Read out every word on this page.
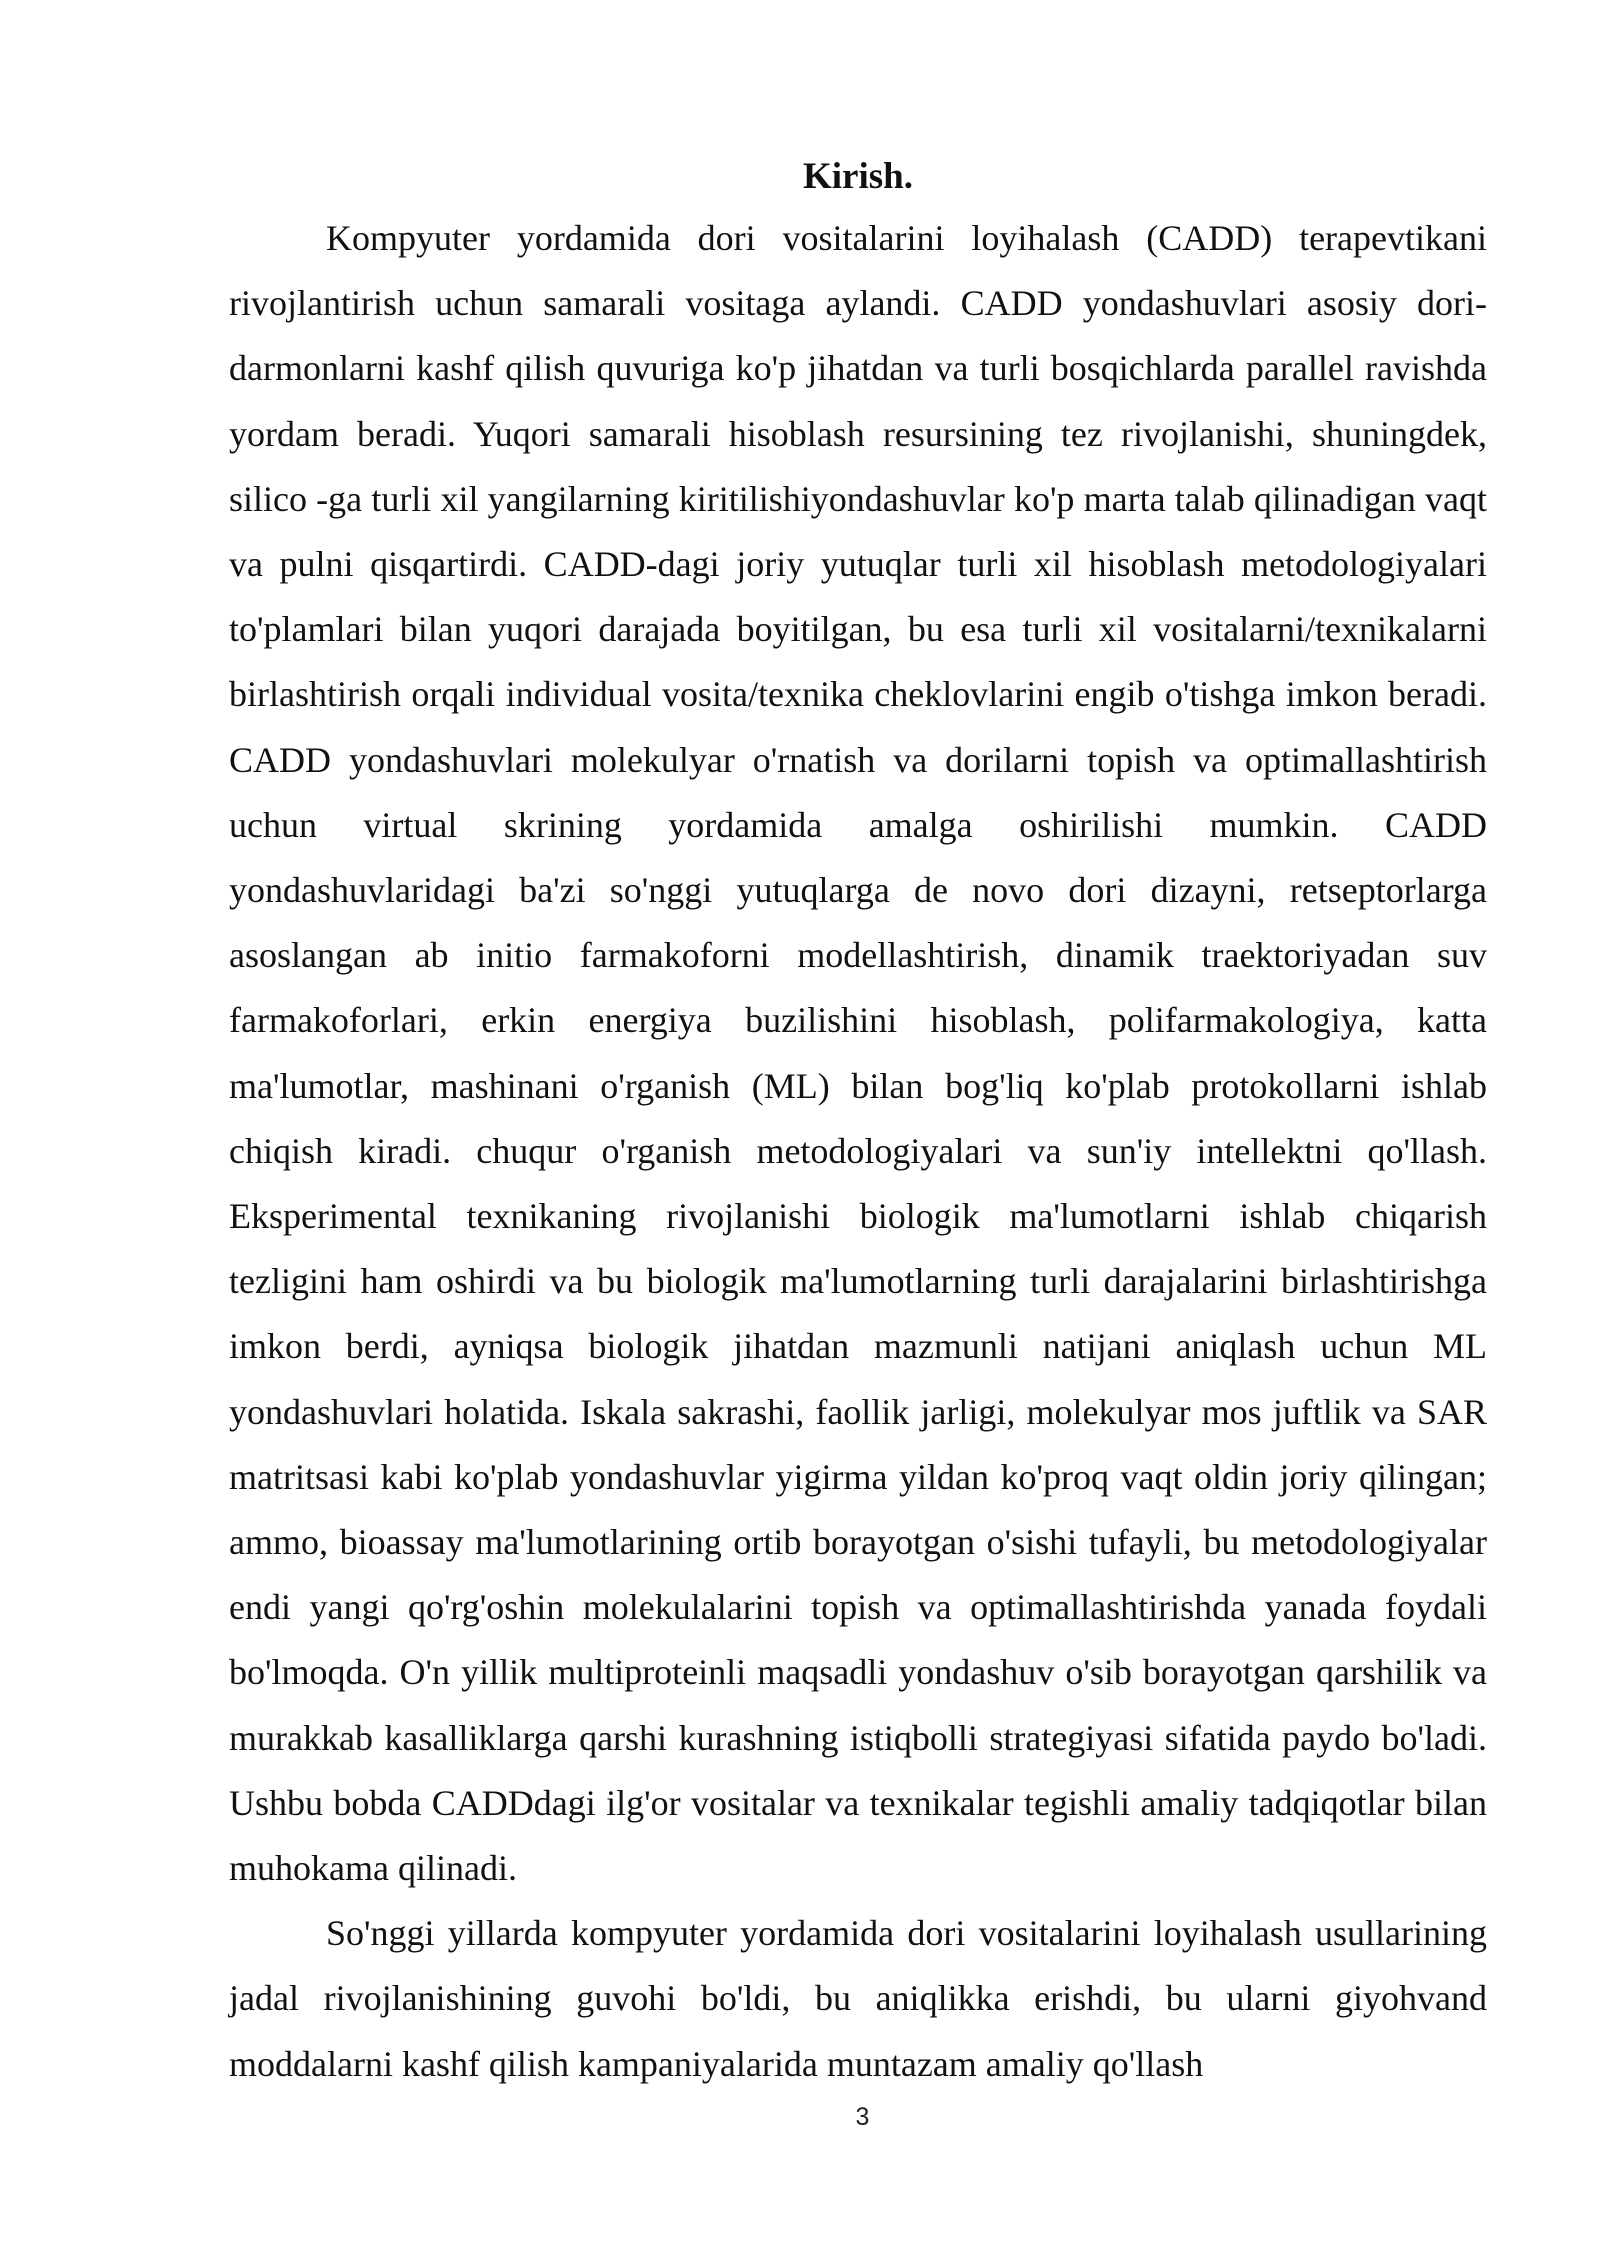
Kirish.

Kompyuter yordamida dori vositalarini loyihalash (CADD) terapevtikani rivojlantirish uchun samarali vositaga aylandi. CADD yondashuvlari asosiy dori-darmonlarni kashf qilish quvuriga ko'p jihatdan va turli bosqichlarda parallel ravishda yordam beradi. Yuqori samarali hisoblash resursining tez rivojlanishi, shuningdek, silico -ga turli xil yangilarning kiritilishiyondashuvlar ko'p marta talab qilinadigan vaqt va pulni qisqartirdi. CADD-dagi joriy yutuqlar turli xil hisoblash metodologiyalari to'plamlari bilan yuqori darajada boyitilgan, bu esa turli xil vositalarni/texnikalarni birlashtirish orqali individual vosita/texnika cheklovlarini engib o'tishga imkon beradi. CADD yondashuvlari molekulyar o'rnatish va dorilarni topish va optimallashtirish uchun virtual skrining yordamida amalga oshirilishi mumkin. CADD yondashuvlaridagi ba'zi so'nggi yutuqlarga de novo dori dizayni, retseptorlarga asoslangan ab initio farmakoforni modellashtirish, dinamik traektoriyadan suv farmakoforlari, erkin energiya buzilishini hisoblash, polifarmakologiya, katta ma'lumotlar, mashinani o'rganish (ML) bilan bog'liq ko'plab protokollarni ishlab chiqish kiradi. chuqur o'rganish metodologiyalari va sun'iy intellektni qo'llash. Eksperimental texnikaning rivojlanishi biologik ma'lumotlarni ishlab chiqarish tezligini ham oshirdi va bu biologik ma'lumotlarning turli darajalarini birlashtirishga imkon berdi, ayniqsa biologik jihatdan mazmunli natijani aniqlash uchun ML yondashuvlari holatida. Iskala sakrashi, faollik jarligi, molekulyar mos juftlik va SAR matritsasi kabi ko'plab yondashuvlar yigirma yildan ko'proq vaqt oldin joriy qilingan; ammo, bioassay ma'lumotlarining ortib borayotgan o'sishi tufayli, bu metodologiyalar endi yangi qo'rg'oshin molekulalarini topish va optimallashtirishda yanada foydali bo'lmoqda. O'n yillik multiproteinli maqsadli yondashuv o'sib borayotgan qarshilik va murakkab kasalliklarga qarshi kurashning istiqbolli strategiyasi sifatida paydo bo'ladi. Ushbu bobda CADDdagi ilg'or vositalar va texnikalar tegishli amaliy tadqiqotlar bilan muhokama qilinadi.

So'nggi yillarda kompyuter yordamida dori vositalarini loyihalash usullarining jadal rivojlanishining guvohi bo'ldi, bu aniqlikka erishdi, bu ularni giyohvand moddalarni kashf qilish kampaniyalarida muntazam amaliy qo'llash

3
